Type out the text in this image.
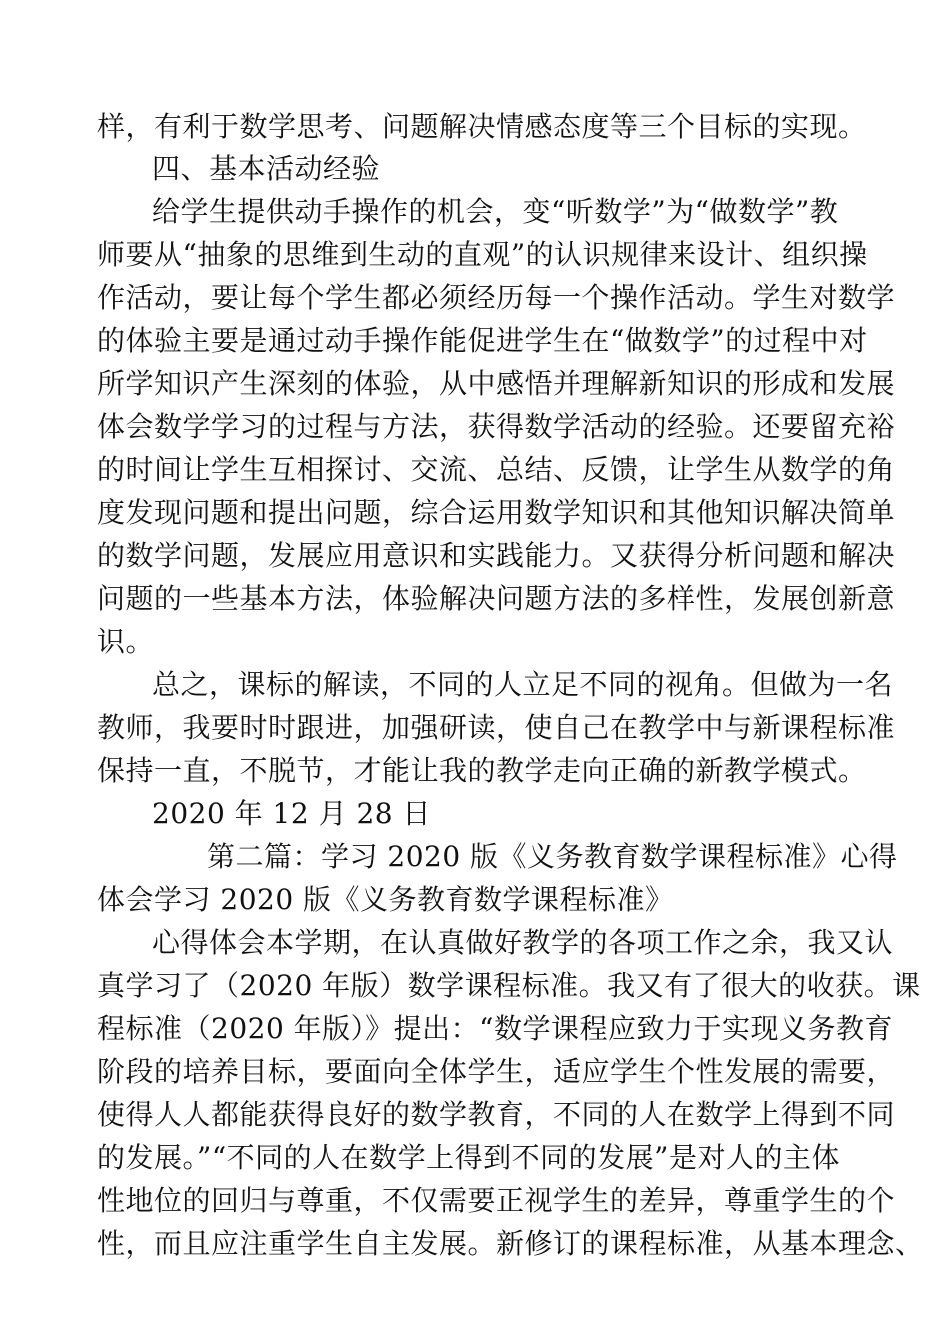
样，有利于数学思考、问题解决情感态度等三个目标的实现。
四、基本活动经验
给学生提供动手操作的机会，变“听数学”为“做数学”教
师要从“抽象的思维到生动的直观”的认识规律来设计、组织操
作活动，要让每个学生都必须经历每一个操作活动。学生对数学
的体验主要是通过动手操作能促进学生在“做数学”的过程中对
所学知识产生深刻的体验，从中感悟并理解新知识的形成和发展
体会数学学习的过程与方法，获得数学活动的经验。还要留充裕
的时间让学生互相探讨、交流、总结、反馈，让学生从数学的角
度发现问题和提出问题，综合运用数学知识和其他知识解决简单
的数学问题，发展应用意识和实践能力。又获得分析问题和解决
问题的一些基本方法，体验解决问题方法的多样性，发展创新意
识。
总之，课标的解读，不同的人立足不同的视角。但做为一名
教师，我要时时跟进，加强研读，使自己在教学中与新课程标准
保持一直，不脱节，才能让我的教学走向正确的新教学模式。
2020 年 12 月 28 日
第二篇：学习 2020 版《义务教育数学课程标准》心得
体会学习 2020 版《义务教育数学课程标准》
心得体会本学期，在认真做好教学的各项工作之余，我又认
真学习了（2020 年版）数学课程标准。我又有了很大的收获。课
程标准（2020 年版）》提出：“数学课程应致力于实现义务教育
阶段的培养目标，要面向全体学生，适应学生个性发展的需要，
使得人人都能获得良好的数学教育，不同的人在数学上得到不同
的发展。”“不同的人在数学上得到不同的发展”是对人的主体
性地位的回归与尊重，不仅需要正视学生的差异，尊重学生的个
性，而且应注重学生自主发展。新修订的课程标准，从基本理念、
